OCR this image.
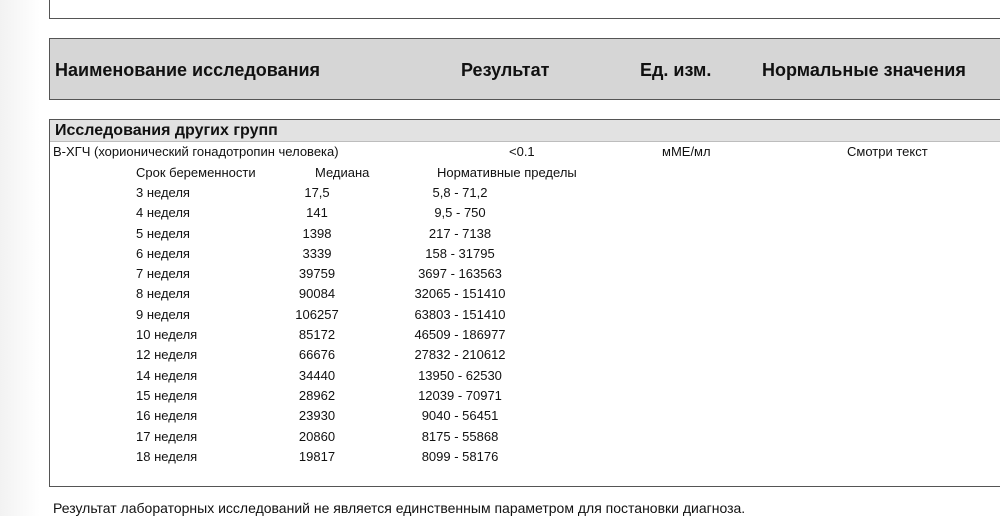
Наименование исследования	Результат	Ед. изм.	Нормальные значения
Исследования других групп
В-ХГЧ (хорионический гонадотропин человека)	<0.1	мМЕ/мл	Смотри текст
Срок беременности	Медиана	Нормативные пределы
3 неделя	17,5	5,8 - 71,2
4 неделя	141	9,5 - 750
5 неделя	1398	217 - 7138
6 неделя	3339	158 - 31795
7 неделя	39759	3697 - 163563
8 неделя	90084	32065 - 151410
9 неделя	106257	63803 - 151410
10 неделя	85172	46509 - 186977
12 неделя	66676	27832 - 210612
14 неделя	34440	13950 - 62530
15 неделя	28962	12039 - 70971
16 неделя	23930	9040 - 56451
17 неделя	20860	8175 - 55868
18 неделя	19817	8099 - 58176
Результат лабораторных исследований не является единственным параметром для постановки диагноза.
